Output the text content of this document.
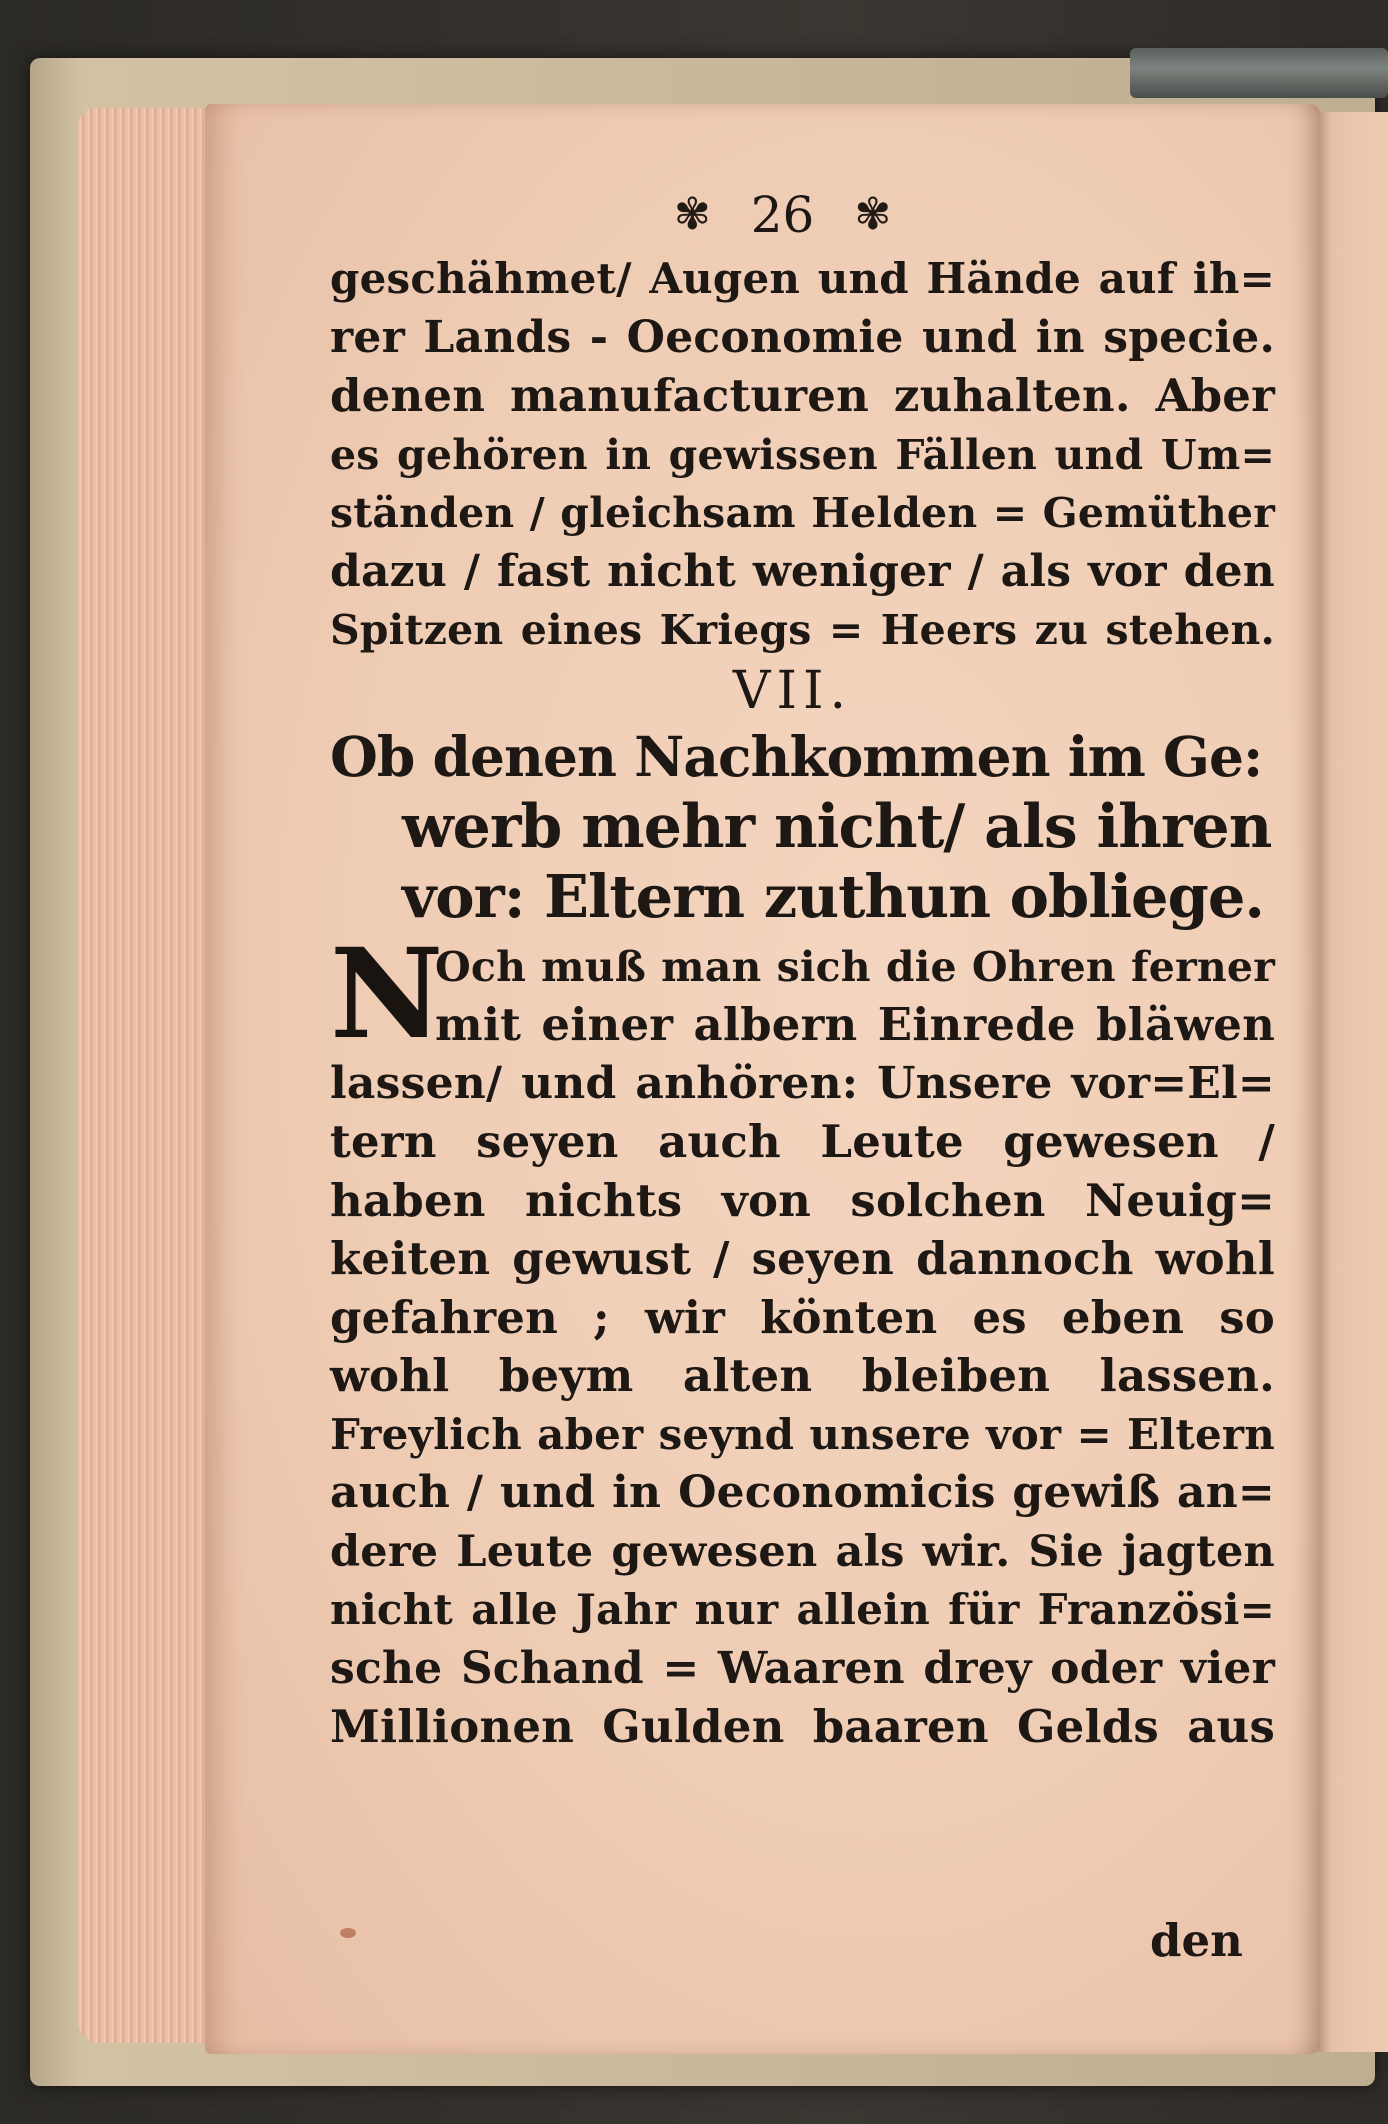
✾ 26 ✾
geschähmet/ Augen und Hände auf ih=
rer Lands - Oeconomie und in specie.
denen manufacturen zuhalten. Aber
es gehören in gewissen Fällen und Um=
ständen / gleichsam Helden = Gemüther
dazu / fast nicht weniger / als vor den
Spitzen eines Kriegs = Heers zu stehen.
VII.
Ob denen Nachkommen im Ge:
werb mehr nicht/ als ihren
vor: Eltern zuthun obliege.
N
Och muß man sich die Ohren ferner
mit einer albern Einrede bläwen
lassen/ und anhören: Unsere vor=El=
tern seyen auch Leute gewesen /
haben nichts von solchen Neuig=
keiten gewust / seyen dannoch wohl
gefahren ; wir könten es eben so
wohl beym alten bleiben lassen.
Freylich aber seynd unsere vor = Eltern
auch / und in Oeconomicis gewiß an=
dere Leute gewesen als wir. Sie jagten
nicht alle Jahr nur allein für Französi=
sche Schand = Waaren drey oder vier
Millionen Gulden baaren Gelds aus
den
